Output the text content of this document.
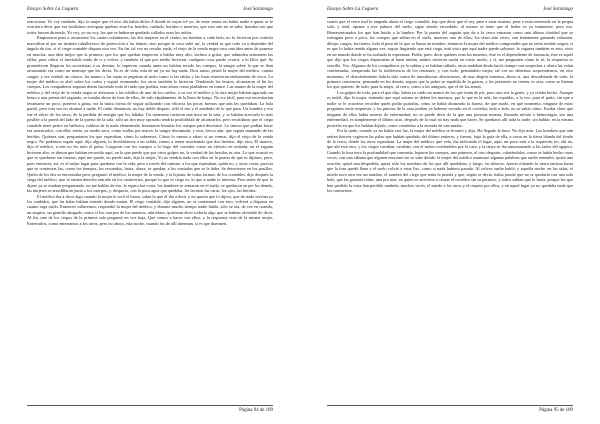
Ensayo Sobre La Ceguera	José Saramago

reaccionar, Yo voy también, dijo la mujer que el otro día había dicho A donde tú vayas iré yo, de entre tantos no había nadie a quien se le ocurriera decir que era facilísimo averiguar quiénes eran los heridos, cuidado, heridos o muertos, que esto aún no se sabe, bastaba con que todos fuesen diciendo, Yo voy, yo no voy, los que se hubieran quedado callados eran los raídos.

Empezaron pues a arrastrarse los cuatro voluntarios, las dos mujeres en el centro, un hombre a cada lado, no lo hicieron por cortesía masculina ni por un instinto caballeresco de protección a las damas, sino porque la cosa salió así, la verdad es que todo va a depender del ángulo de tiro, si el ciego-contable dispara otra vez. En fin, tal vez no resulte, nada, el viejo de la venda negra tuvo una idea antes de ponerse en marcha, una idea mejor que la primera, que los que quedan empiecen a hablar muy alto, incluso a gritar, que adimulen armoneen las fallas, para cubrir el inevitable ruido de ir y volver, y también el que por medio hicieron, cualquier cosa puede ocurrir, a lo Dios qué. Se prometieron llegaron los socorristas a su destino, lo supieron cuando antes no habían tocado los cuerpos, la sangre sobre la que se iban arrastrando era como un mensaje que les decía, Ya es de vida, mía de mí ya no hay nada. Dios santo, pensó la mujer del médico, cuánta sangre, y era verdad, un charco, las manos y las ropas se pegaban al suelo como si las tablas y las losas estuvieran embarradas de visco. La mujer del médico se alzó sobre los codos y siguió avanzando, los otros también lo hicieron. Tendiendo los brazos, alcanzaron al fin los cuerpos. Los compañeros seguían detrás haciendo todo el ruido que podían, eran ahora como plañideras en trance. Las manos de la mujer del médico y del viejo de la venda negra se aferraron a los tobillos de uno de los caídos, a su vez el médico y la otra mujer habían agarrado un brazo y una pierna del segundo, se trataba ahora de tirar de ellos, de salir rápidamente de la línea de fuego. No era fácil, para eso necesitarían levantarse un poco, ponerse a gatas, era la única forma de seguir utilizando con eficacia las pocas fuerzas que aún les quedaban. La bala partió, pero esta vez no alcanzó a nadie. El ruido disminuía, no hay doble disparo, sólo el tiro y el zumbido de lo que pasa. Un hombre y eso fue el alivio de los otros, de la perdida de energía que les faltaba. Un momento tuvieron una hora en la sala, y se habían acercado lo más posible a la pared del lado de la puerta de la sala, sólo un tiro muy oposado tendría posibilidad de alcanzarlos, pero recaldaron que el ciego contable tiene perito en balística, ruidoso de la mala elementada. Intentaron levantar los cuerpos para desviarse. Lo únicos que podían hacer era arrastrarlos, con ellas venía, ya medio seca, como toallas por nueva, la sangre derramada, y otra, fresca aún, que seguía manando de las heridas. Quiénes son, preguntaron los que esperaban, cómo lo sabremos. Cómo lo vamos a saber, si no vemos, dijo el viejo de la venda negra. No podemos seguir aquí, dijo alguien, lo decidiríamos a un salida, vamos a tenerr muchomás que dos heridos, dijo otro, El muerto, dijo el médico, a mis no les noto el pulso. Cargaron con los cuerpos a lo largo del corredor como un ejército en retirada, en el zaguán hicieron alto, se dieron que habían recorrido aquí, en lo que puede que por otros golpes no, la verdad de los heridos es otra. Lo que ocurrió es que se quedaron sin fuerzas, aquí me quedo, no puedo más, dijo la mujer, Yo no tendría nada con ellos en la puerta de que tu dijimos, pero, pues entonces, así, es el mejor lugar para quedarse con la vida, pero a través del camino, a los que esperaban, quién no, y otros cosas, parecía que se comiesen, las, como los tiempos, los recuerdos, hasta, ahora, se quedan, a los contados que se le daba. Se detuvieron en los pasillos. Quién de los dos se encontraba peor, preguntó el médico, la mujer de la venda, y la lejanía, de todas formas, de los contables, dijo después la ciega del médico, que lo tenían derecho entrada en los cautiverios, porque lo que el ciego es, lo que a nadie le interesa. Pero antes de que lo dijese ya se estaban preguntando, no me hables de eso, la espera fue corta, los hombres se sentaron en el suelo, se quedaron en pie los demás, las mujeres se arrodillaron junto a los cuerpos, y, despacio, con la poca agua que quedaba, les lavaron las caras, los ojos, las heridas.

El médico iba a decir algo cuando la mujer le tocó el brazo, sabía lo que él iba a decir y no quería que lo dijese, que de nada servían ya los cuidados, que las balas habían entrado donde matan. El ciego contable, dijo alguien, no se contentará con esto, volverá a disparar en cuanto oiga ruido. Entonces callaremos, respondió la mujer del médico, y durante mucho tiempo nadie habló, sólo se oía, de vez en cuando, un suspiro, un gemido ahogado, como si los cuerpos de los muertos, aún tibios, quisieran decir todavía algo que se habían olvidado de decir. Al fin, uno de los ciegos de la primera sala preguntó en voz baja, Qué vamos a hacer con ellos, y la respuesta vino de la misma mujer, Enterrarlos, como enterramos a los otros, pero no ahora, esta noche, cuando los de allí duerman, si es que duermen.

Página 94 de 189
Ensayo Sobre La Ceguera	José Saramago

cuarto que el cerro mal lo empuña ahora el ciego contable, hay que decir que el rey, pese a estar muerto, pese a estar enterrado en la propia sala, y total, apenas a tres palmos del suelo, sigue siendo recordado, al menos se teme que el hedor es ya inminente, pero eso. Bienaventurados los que han huido a la lumbre. Por la puerta del zaguán que da a la cerca entraron como una última claridad que se extinguía poco a poco, los cuerpos que salían en el suelo, muertos uno de ellos, los otros aún vivos, van lentamente ganando volumen, dibujo, rasgos, facciones, todo el peso de lo que se llama un nombre, entonces la mujer del médico comprendió que no tenía sentido seguir, si es que lo había tenido alguna vez, seguir fingiendo que está ciega, está visto que aquí nadie puede salvarse, la ceguera también es esto, vivir en un mundo donde se ha acabado la esperanza. Podía, pues, decir quiénes eran los muertos, éste es el dependiente de farmacia, éste es aquel que dijo que los ciegos dispararían al buen tuntún, ambos tuvieron razón en cierto modo, y sí, me pregunten cómo lo sé, la respuesta es sencilla. Veo. Algunos de los compañeros ya lo sabían y se habían callado, otros andaban desde hacía tiempo con sospechas y ahora las veían confirmadas, inesperada fue la indiferencia de los restantes, y, con todo, pensándolo mejor, tal vez no debemos sorprendernos, en otro momento, el descubrimiento habría sido causa de tumultuosas alteraciones, de una alegría inmensa, ahora sí, una desordenada de todo, la primera conciencia, pensando en los demás, seguro que la pobre se espabila de la guerra, y los presentes no tienen, es otra, como se llaman los que quieren, de todo, para la mujer, al cerro, como a los antiguos, que el de las armas.

Los golpes de todo, para el que dijo, había ya caído en manos de los que están de pie, pero otra vez la gente, y ya estaba hecho. Aunque es inútil, dijo la mujer, entiendo que aquí mismo se deben los nuestros, por lo que es la sala, las espaldas, a la vez, para el patio, sin que a nadie se le ocurriera recordar quién podía quitarlas, cómo se había alcanzado la huerta, de qué modo, en qué momento, ninguna de estas preguntas tenía respuesta, y las puertas de la casa podían ya haberse cerrado en el corredor, lado a lado, no se sabía cómo. Estaba claro que ninguno de ellos había muerto de enfermedad, no se puede decir de la que una persona muerta, llamada asfixia o hemorragia, sea una enfermedad, es simplemente el último acto, después de lo cual no hay nada que hacer. Se quedaron allí toda la tarde, sin hablar, en la misma posición en que los habían dejado, como centinelas a la entrada de una tumba.

Por la tarde, cuando ya no había casi luz, la mujer del médico se levantó y dijo, Ha llegado la hora. No dijo más. Los hombres que aún tenían fuerzas cogieron las palas que habían quedado del último entierro, y fueron, bajo la guía de ella, a cavar en la tierra blanda del fondo de la cerca, donde los otros esperaban. La mujer del médico, que veía, iba indicando el lugar, aquí, un poco más a la izquierda, no, ahí no, que ahí está otro, y los ciegos cavaban, cavaban, con el sudor corriéndoles por la cara, y la tierra se iba amontonando a los lados del agujero. Cuando la fosa tuvo la profundidad que convenía, bajaron los cuerpos, uno primero, el otro después, cubriéndolos, como se había hecho otras veces, con una sábana que alguien encontró no se sabe dónde, la mujer del médico murmuró algunas palabras que nadie entendió, quizá una oración, quizá una despedida, quizá sólo los nombres de los que allí quedaban, y luego, en silencio, fueron echando la tierra encima hasta que la fosa quedó llena y el suelo volvió a estar liso, como si nada hubiera pasado. Al volver, nadie habló, y aquella noche, en las salas, el miedo tuvo otra vez un nombre, el nombre del ciego que tenía la pistola y que, según se decía, había jurado que no se quedaría con una sola bala, que las gastaría todas, una por una, en quien se atreviese a cruzar el corredor sin su permiso, y todos sabían que lo haría, porque los que han perdido la vista han perdido también, muchas veces, el miedo a los otros y el respeto por ellos, y en aquel lugar ya no quedaba nada que los contuviera.

Página 95 de 189
